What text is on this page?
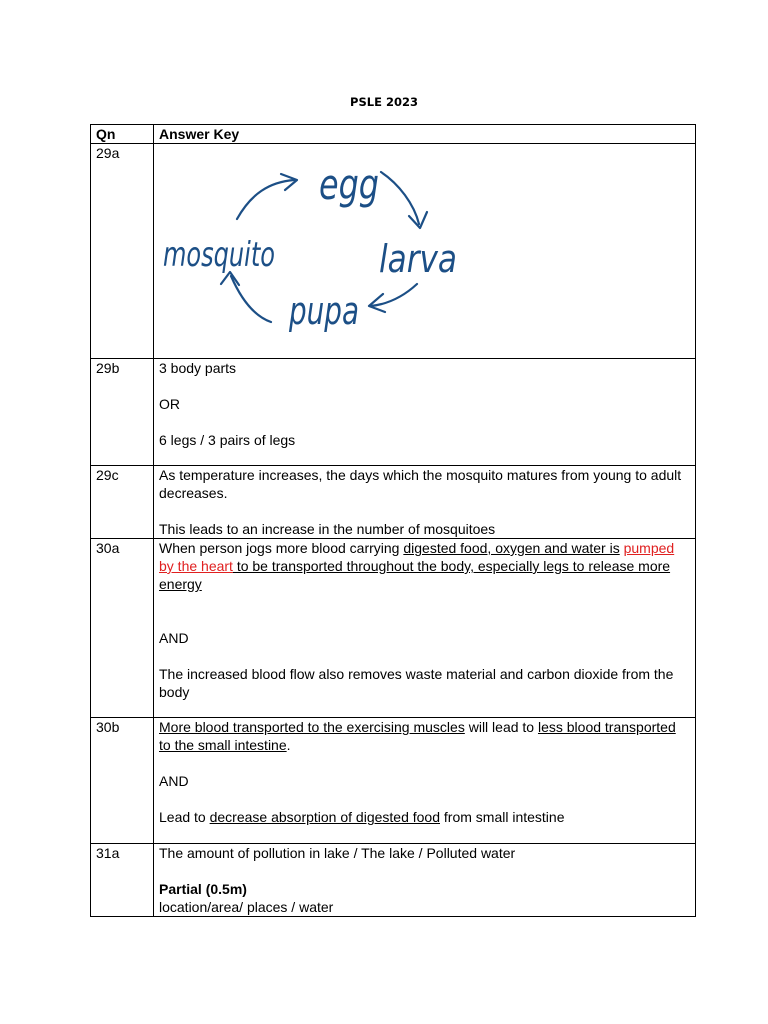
PSLE 2023
Qn	Answer Key
29a	egg
larva
pupa
mosquito

29b	3 body parts

OR

6 legs / 3 pairs of legs

29c	As temperature increases, the days which the mosquito matures from young to adult decreases.

This leads to an increase in the number of mosquitoes

30a	When person jogs more blood carrying digested food, oxygen and water is pumped by the heart to be transported throughout the body, especially legs to release more energy

AND

The increased blood flow also removes waste material and carbon dioxide from the body

30b	More blood transported to the exercising muscles will lead to less blood transported to the small intestine.

AND

Lead to decrease absorption of digested food from small intestine

31a	The amount of pollution in lake / The lake / Polluted water

Partial (0.5m)

location/area/ places / water
